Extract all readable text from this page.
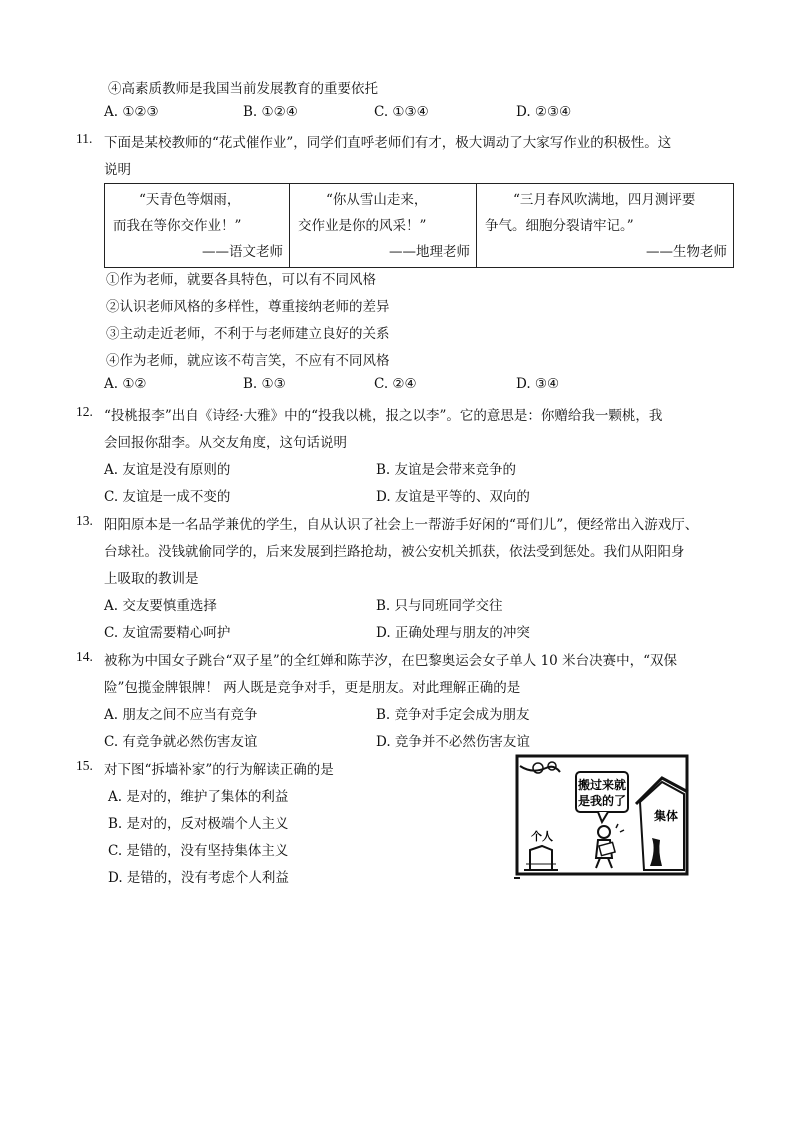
④高素质教师是我国当前发展教育的重要依托
A. ①②③	B. ①②④	C. ①③④	D. ②③④
11. 下面是某校教师的“花式催作业”，同学们直呼老师们有才，极大调动了大家写作业的积极性。这
说明
“天青色等烟雨，
而我在等你交作业！”
——语文老师

“你从雪山走来，
交作业是你的风采！”
——地理老师

“三月春风吹满地，四月测评要
争气。细胞分裂请牢记。”
——生物老师
①作为老师，就要各具特色，可以有不同风格
②认识老师风格的多样性，尊重接纳老师的差异
③主动走近老师，不利于与老师建立良好的关系
④作为老师，就应该不苟言笑，不应有不同风格
A. ①②	B. ①③	C. ②④	D. ③④
12. “投桃报李”出自《诗经·大雅》中的“投我以桃，报之以李”。它的意思是：你赠给我一颗桃，我
会回报你甜李。从交友角度，这句话说明
A. 友谊是没有原则的	B. 友谊是会带来竞争的
C. 友谊是一成不变的	D. 友谊是平等的、双向的
13. 阳阳原本是一名品学兼优的学生，自从认识了社会上一帮游手好闲的“哥们儿”，便经常出入游戏厅、
台球社。没钱就偷同学的，后来发展到拦路抢劫，被公安机关抓获，依法受到惩处。我们从阳阳身
上吸取的教训是
A. 交友要慎重选择	B. 只与同班同学交往
C. 友谊需要精心呵护	D. 正确处理与朋友的冲突
14. 被称为中国女子跳台“双子星”的全红婵和陈芋汐，在巴黎奥运会女子单人 10 米台决赛中，“双保
险”包揽金牌银牌！ 两人既是竞争对手，更是朋友。对此理解正确的是
A. 朋友之间不应当有竞争	B. 竞争对手定会成为朋友
C. 有竞争就必然伤害友谊	D. 竞争并不必然伤害友谊
15. 对下图“拆墙补家”的行为解读正确的是
A. 是对的，维护了集体的利益
B. 是对的，反对极端个人主义
C. 是错的，没有坚持集体主义
D. 是错的，没有考虑个人利益
搬过来就
是我的了
集体
个人
